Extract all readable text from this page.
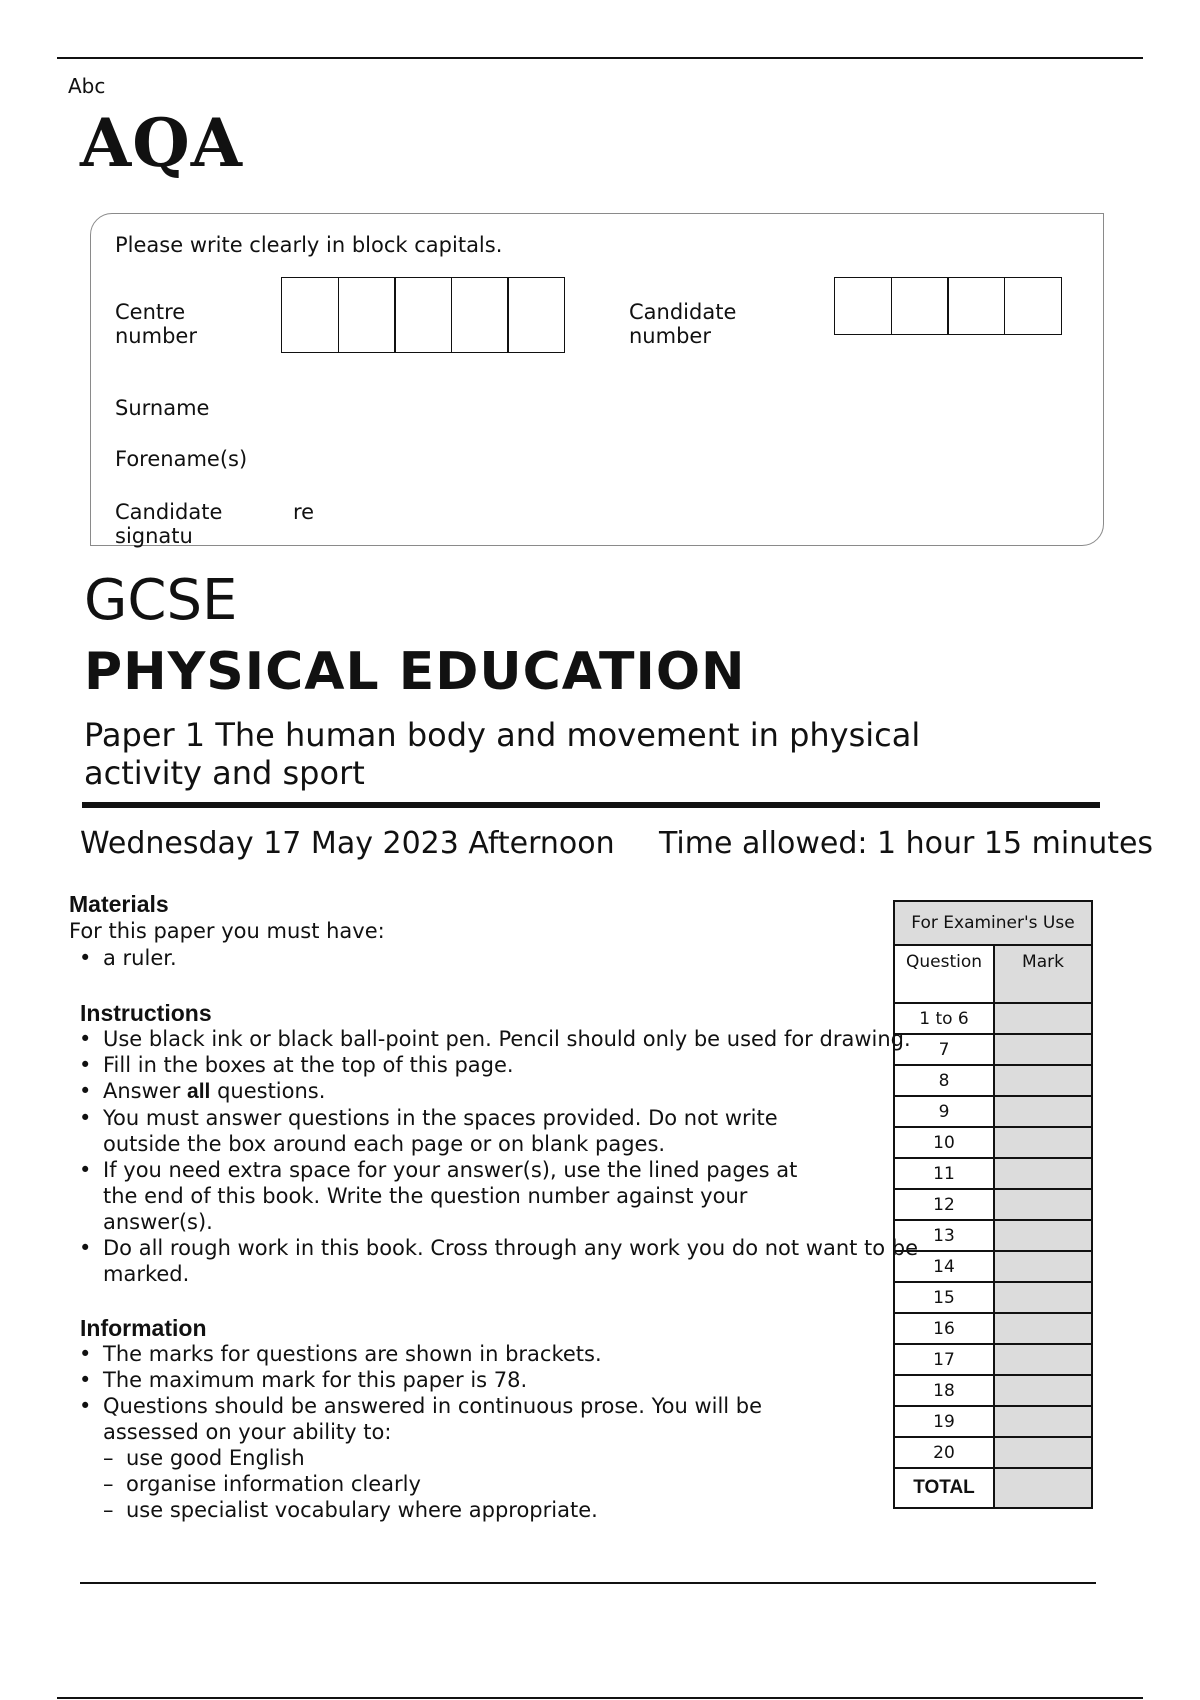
Abc
AQA
Please write clearly in block capitals.
Centre
number
Candidate
number
Surname
Forename(s)
Candidate
signatu
re
GCSE
PHYSICAL EDUCATION
Paper 1 The human body and movement in physical activity and sport
Wednesday 17 May 2023 Afternoon Time allowed: 1 hour 15 minutes
Materials
For this paper you must have:
• a ruler.
Instructions
• Use black ink or black ball-point pen. Pencil should only be used for drawing.
• Fill in the boxes at the top of this page.
• Answer all questions.
• You must answer questions in the spaces provided. Do not write outside the box around each page or on blank pages.
• If you need extra space for your answer(s), use the lined pages at the end of this book. Write the question number against your answer(s).
• Do all rough work in this book. Cross through any work you do not want to be marked.
Information
• The marks for questions are shown in brackets.
• The maximum mark for this paper is 78.
• Questions should be answered in continuous prose. You will be assessed on your ability to:
– use good English
– organise information clearly
– use specialist vocabulary where appropriate.
For Examiner's Use	
Question	Mark
1 to 6	
7	
8	
9	
10	
11	
12	
13	
14	
15	
16	
17	
18	
19	
20	
TOTAL	
